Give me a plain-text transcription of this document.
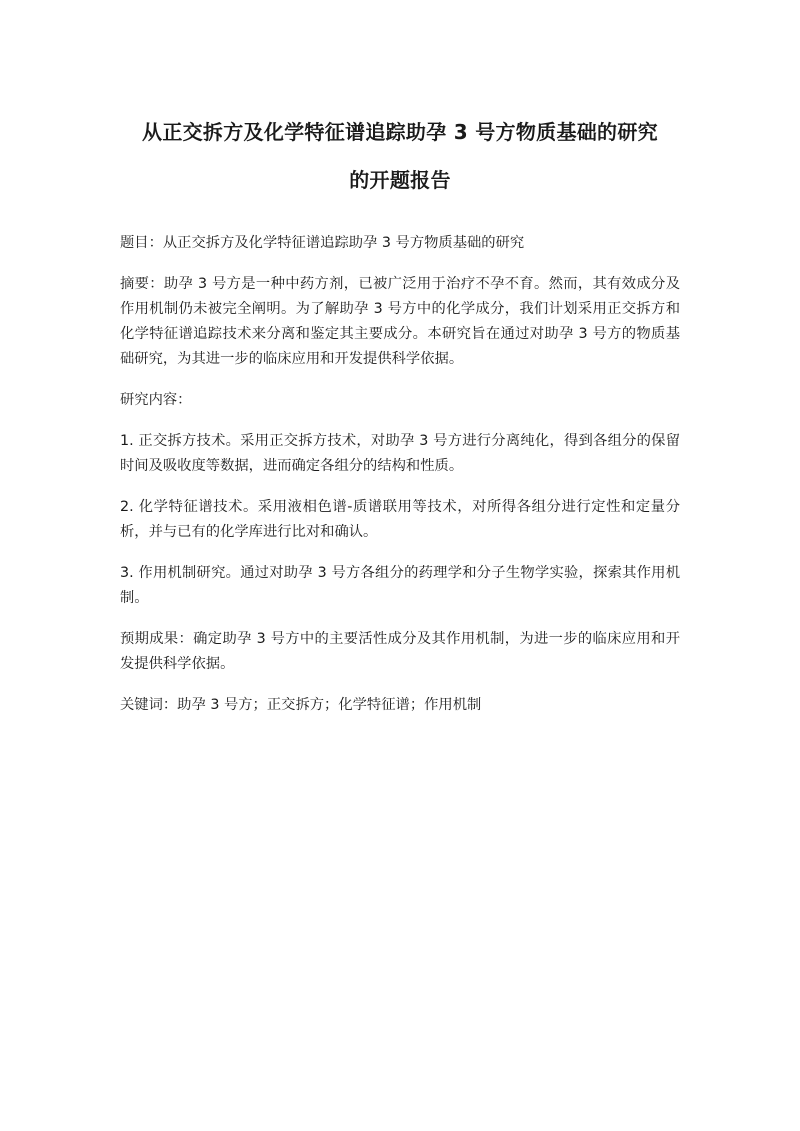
从正交拆方及化学特征谱追踪助孕 3 号方物质基础的研究
的开题报告

题目：从正交拆方及化学特征谱追踪助孕 3 号方物质基础的研究

摘要：助孕 3 号方是一种中药方剂，已被广泛用于治疗不孕不育。然而，其有效成分及作用机制仍未被完全阐明。为了解助孕 3 号方中的化学成分，我们计划采用正交拆方和化学特征谱追踪技术来分离和鉴定其主要成分。本研究旨在通过对助孕 3 号方的物质基础研究，为其进一步的临床应用和开发提供科学依据。

研究内容：

1. 正交拆方技术。采用正交拆方技术，对助孕 3 号方进行分离纯化，得到各组分的保留时间及吸收度等数据，进而确定各组分的结构和性质。

2. 化学特征谱技术。采用液相色谱-质谱联用等技术，对所得各组分进行定性和定量分析，并与已有的化学库进行比对和确认。

3. 作用机制研究。通过对助孕 3 号方各组分的药理学和分子生物学实验，探索其作用机制。

预期成果：确定助孕 3 号方中的主要活性成分及其作用机制，为进一步的临床应用和开发提供科学依据。

关键词：助孕 3 号方；正交拆方；化学特征谱；作用机制
